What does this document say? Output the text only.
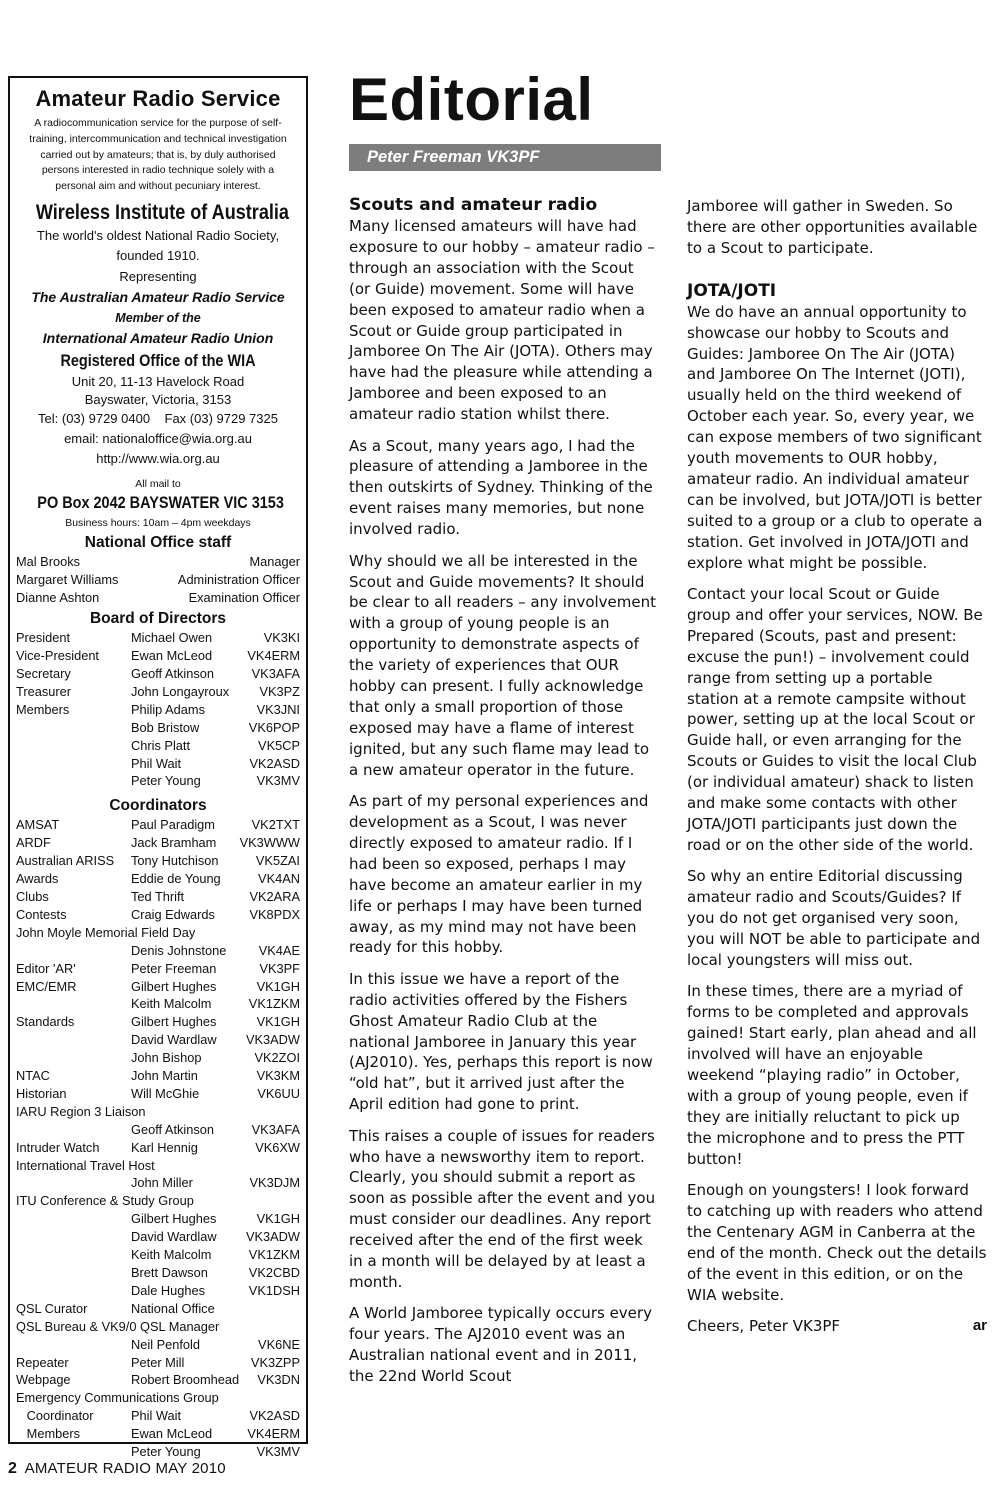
Amateur Radio Service
A radiocommunication service for the purpose of self-training, intercommunication and technical investigation carried out by amateurs; that is, by duly authorised persons interested in radio technique solely with a personal aim and without pecuniary interest.
Wireless Institute of Australia
The world's oldest National Radio Society,
founded 1910.
Representing
The Australian Amateur Radio Service
Member of the
International Amateur Radio Union
Registered Office of the WIA
Unit 20, 11-13 Havelock Road
Bayswater, Victoria, 3153
Tel: (03) 9729 0400    Fax (03) 9729 7325
email: nationaloffice@wia.org.au
http://www.wia.org.au
All mail to
PO Box 2042 BAYSWATER VIC 3153
Business hours: 10am – 4pm weekdays
National Office staff
Mal Brooks	Manager
Margaret Williams	Administration Officer
Dianne Ashton	Examination Officer
Board of Directors
President	Michael Owen	VK3KI
Vice-President	Ewan McLeod	VK4ERM
Secretary	Geoff Atkinson	VK3AFA
Treasurer	John Longayroux	VK3PZ
Members	Philip Adams	VK3JNI
Bob Bristow	VK6POP
Chris Platt	VK5CP
Phil Wait	VK2ASD
Peter Young	VK3MV
Coordinators
AMSAT	Paul Paradigm	VK2TXT
ARDF	Jack Bramham	VK3WWW
Australian ARISS	Tony Hutchison	VK5ZAI
Awards	Eddie de Young	VK4AN
Clubs	Ted Thrift	VK2ARA
Contests	Craig Edwards	VK8PDX
John Moyle Memorial Field Day
Denis Johnstone	VK4AE
Editor 'AR'	Peter Freeman	VK3PF
EMC/EMR	Gilbert Hughes	VK1GH
Keith Malcolm	VK1ZKM
Standards	Gilbert Hughes	VK1GH
David Wardlaw	VK3ADW
John Bishop	VK2ZOI
NTAC	John Martin	VK3KM
Historian	Will McGhie	VK6UU
IARU Region 3 Liaison
Geoff Atkinson	VK3AFA
Intruder Watch	Karl Hennig	VK6XW
International Travel Host
John Miller	VK3DJM
ITU Conference & Study Group
Gilbert Hughes	VK1GH
David Wardlaw	VK3ADW
Keith Malcolm	VK1ZKM
Brett Dawson	VK2CBD
Dale Hughes	VK1DSH
QSL Curator	National Office
QSL Bureau & VK9/0 QSL Manager
Neil Penfold	VK6NE
Repeater	Peter Mill	VK3ZPP
Webpage	Robert Broomhead	VK3DN
Emergency Communications Group
Coordinator	Phil Wait	VK2ASD
Members	Ewan McLeod	VK4ERM
Peter Young	VK3MV
Editorial
Peter Freeman VK3PF
Scouts and amateur radio

Many licensed amateurs will have had exposure to our hobby – amateur radio – through an association with the Scout (or Guide) movement. Some will have been exposed to amateur radio when a Scout or Guide group participated in Jamboree On The Air (JOTA). Others may have had the pleasure while attending a Jamboree and been exposed to an amateur radio station whilst there.

As a Scout, many years ago, I had the pleasure of attending a Jamboree in the then outskirts of Sydney. Thinking of the event raises many memories, but none involved radio.

Why should we all be interested in the Scout and Guide movements? It should be clear to all readers – any involvement with a group of young people is an opportunity to demonstrate aspects of the variety of experiences that OUR hobby can present. I fully acknowledge that only a small proportion of those exposed may have a flame of interest ignited, but any such flame may lead to a new amateur operator in the future.

As part of my personal experiences and development as a Scout, I was never directly exposed to amateur radio. If I had been so exposed, perhaps I may have become an amateur earlier in my life or perhaps I may have been turned away, as my mind may not have been ready for this hobby.

In this issue we have a report of the radio activities offered by the Fishers Ghost Amateur Radio Club at the national Jamboree in January this year (AJ2010). Yes, perhaps this report is now “old hat”, but it arrived just after the April edition had gone to print.

This raises a couple of issues for readers who have a newsworthy item to report. Clearly, you should submit a report as soon as possible after the event and you must consider our deadlines. Any report received after the end of the first week in a month will be delayed by at least a month.

A World Jamboree typically occurs every four years. The AJ2010 event was an Australian national event and in 2011, the 22nd World Scout

Jamboree will gather in Sweden. So there are other opportunities available to a Scout to participate.

JOTA/JOTI

We do have an annual opportunity to showcase our hobby to Scouts and Guides: Jamboree On The Air (JOTA) and Jamboree On The Internet (JOTI), usually held on the third weekend of October each year. So, every year, we can expose members of two significant youth movements to OUR hobby, amateur radio. An individual amateur can be involved, but JOTA/JOTI is better suited to a group or a club to operate a station. Get involved in JOTA/JOTI and explore what might be possible.

Contact your local Scout or Guide group and offer your services, NOW. Be Prepared (Scouts, past and present: excuse the pun!) – involvement could range from setting up a portable station at a remote campsite without power, setting up at the local Scout or Guide hall, or even arranging for the Scouts or Guides to visit the local Club (or individual amateur) shack to listen and make some contacts with other JOTA/JOTI participants just down the road or on the other side of the world.

So why an entire Editorial discussing amateur radio and Scouts/Guides? If you do not get organised very soon, you will NOT be able to participate and local youngsters will miss out.

In these times, there are a myriad of forms to be completed and approvals gained! Start early, plan ahead and all involved will have an enjoyable weekend “playing radio” in October, with a group of young people, even if they are initially reluctant to pick up the microphone and to press the PTT button!

Enough on youngsters! I look forward to catching up with readers who attend the Centenary AGM in Canberra at the end of the month. Check out the details of the event in this edition, or on the WIA website.

Cheers, Peter VK3PF	ar
2 AMATEUR RADIO MAY 2010
